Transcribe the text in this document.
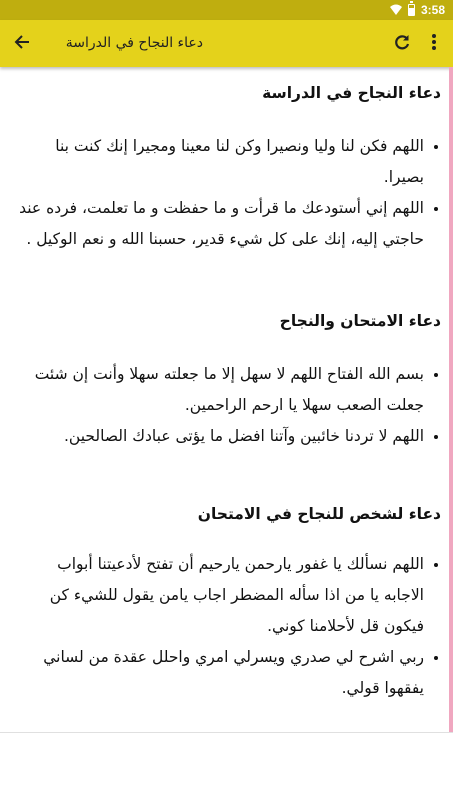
3:58
دعاء النجاح في الدراسة
دعاء النجاح في الدراسة
اللهم فكن لنا وليا ونصيرا وكن لنا معينا ومجيرا إنك كنت بنا بصيرا.
اللهم إني أستودعك ما قرأت و ما حفظت و ما تعلمت، فرده عند حاجتي إليه، إنك على كل شيء قدير، حسبنا الله و نعم الوكيل .
دعاء الامتحان والنجاح
بسم الله الفتاح اللهم لا سهل إلا ما جعلته سهلا وأنت إن شئت جعلت الصعب سهلا يا ارحم الراحمين.
اللهم لا تردنا خائبين وآتنا افضل ما يؤتى عبادك الصالحين.
دعاء لشخص للنجاح في الامتحان
اللهم نسألك يا غفور يارحمن يارحيم أن تفتح لأدعيتنا أبواب الاجابه يا من اذا سأله المضطر اجاب يامن يقول للشيء كن فيكون قل لأحلامنا كوني.
ربي اشرح لي صدري ويسرلي امري واحلل عقدة من لساني يفقهوا قولي.
